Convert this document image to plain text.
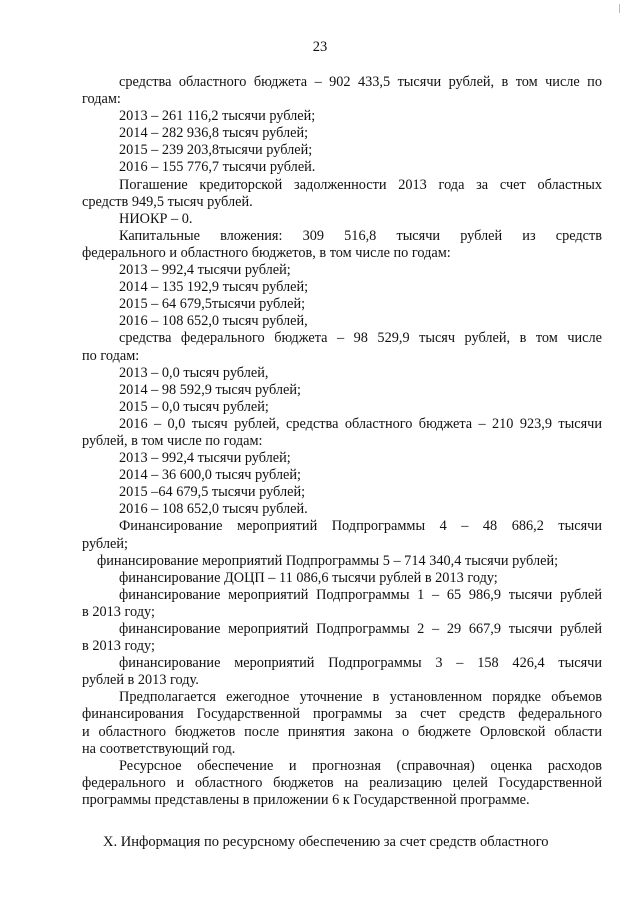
23

средства областного бюджета – 902 433,5 тысячи рублей, в том числе по

годам:

2013 – 261 116,2 тысячи рублей;

2014 – 282 936,8 тысяч рублей;

2015 – 239 203,8тысячи рублей;

2016 – 155 776,7 тысячи рублей.

Погашение кредиторской задолженности 2013 года за счет областных

средств 949,5 тысяч рублей.

НИОКР – 0.

Капитальные вложения: 309 516,8 тысячи рублей из средств

федерального и областного бюджетов, в том числе по годам:

2013 – 992,4 тысячи рублей;

2014 – 135 192,9 тысяч рублей;

2015 – 64 679,5тысячи рублей;

2016 – 108 652,0 тысяч рублей,

средства федерального бюджета – 98 529,9 тысяч рублей, в том числе

по годам:

2013 – 0,0 тысяч рублей,

2014 – 98 592,9 тысяч рублей;

2015 – 0,0 тысяч рублей;

2016 – 0,0 тысяч рублей, средства областного бюджета – 210 923,9 тысячи

рублей, в том числе по годам:

2013 – 992,4 тысячи рублей;

2014 – 36 600,0 тысяч рублей;

2015 –64 679,5 тысячи рублей;

2016 – 108 652,0 тысяч рублей.

Финансирование мероприятий Подпрограммы 4 – 48 686,2 тысячи

рублей;

финансирование мероприятий Подпрограммы 5 – 714 340,4 тысячи рублей;

финансирование ДОЦП – 11 086,6 тысячи рублей в 2013 году;

финансирование мероприятий Подпрограммы 1 – 65 986,9 тысячи рублей

в 2013 году;

финансирование мероприятий Подпрограммы 2 – 29 667,9 тысячи рублей

в 2013 году;

финансирование мероприятий Подпрограммы 3 – 158 426,4 тысячи

рублей в 2013 году.

Предполагается ежегодное уточнение в установленном порядке объемов

финансирования Государственной программы за счет средств федерального

и областного бюджетов после принятия закона о бюджете Орловской области

на соответствующий год.

Ресурсное обеспечение и прогнозная (справочная) оценка расходов

федерального и областного бюджетов на реализацию целей Государственной

программы представлены в приложении 6 к Государственной программе.

X. Информация по ресурсному обеспечению за счет средств областного
